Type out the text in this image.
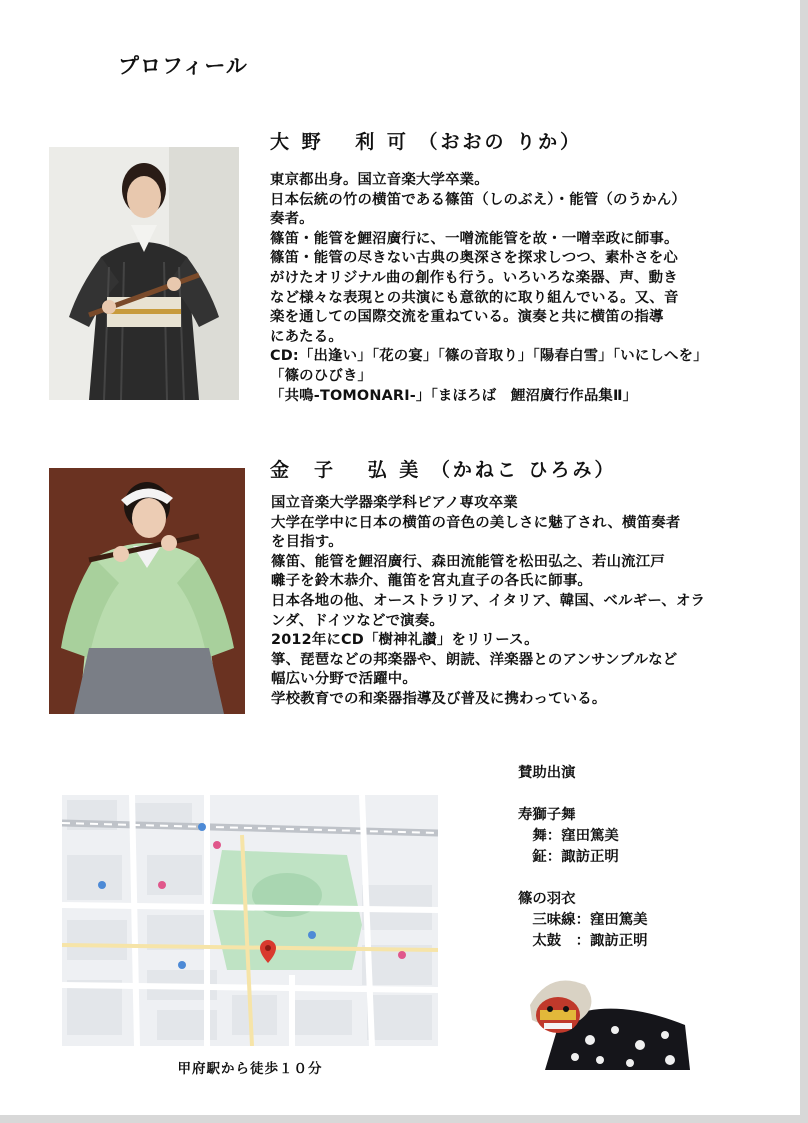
プロフィール
大 野　 利 可 （おおの りか）
東京都出身。国立音楽大学卒業。
日本伝統の竹の横笛である篠笛（しのぶえ）・能管（のうかん）
奏者。
篠笛・能管を鯉沼廣行に、一噌流能管を故・一噌幸政に師事。
篠笛・能管の尽きない古典の奥深さを探求しつつ、素朴さを心
がけたオリジナル曲の創作も行う。いろいろな楽器、声、動き
など様々な表現との共演にも意欲的に取り組んでいる。又、音
楽を通しての国際交流を重ねている。演奏と共に横笛の指導
にあたる。
CD:「出逢い」「花の宴」「篠の音取り」「陽春白雪」「いにしへを」
「篠のひびき」
「共鳴-TOMONARI-」「まほろば　鯉沼廣行作品集Ⅱ」
金　子　 弘 美 （かねこ ひろみ）
国立音楽大学器楽学科ピアノ専攻卒業
大学在学中に日本の横笛の音色の美しさに魅了され、横笛奏者
を目指す。
篠笛、能管を鯉沼廣行、森田流能管を松田弘之、若山流江戸
囃子を鈴木恭介、龍笛を宮丸直子の各氏に師事。
日本各地の他、オーストラリア、イタリア、韓国、ベルギー、オラ
ンダ、ドイツなどで演奏。
2012年にCD「樹神礼讃」をリリース。
箏、琵琶などの邦楽器や、朗読、洋楽器とのアンサンブルなど
幅広い分野で活躍中。
学校教育での和楽器指導及び普及に携わっている。
甲府駅から徒歩１０分
賛助出演
寿獅子舞
　舞：窪田篤美
　鉦：諏訪正明
篠の羽衣
　三味線：窪田篤美
　太鼓　：諏訪正明
